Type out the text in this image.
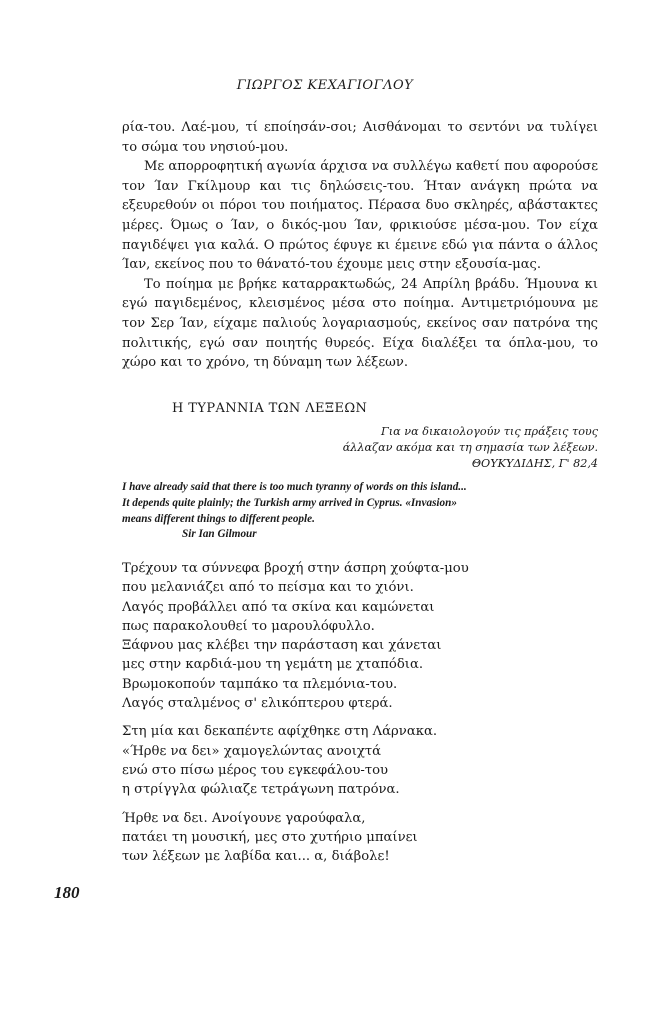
ΓΙΩΡΓΟΣ ΚΕΧΑΓΙΟΓΛΟΥ

ρία-του. Λαέ-μου, τί εποίησάν-σοι; Αισθάνομαι το σεντόνι να τυλίγει το σώμα του νησιού-μου.

Με απορροφητική αγωνία άρχισα να συλλέγω καθετί που αφορούσε τον Ίαν Γκίλμουρ και τις δηλώσεις-του. Ήταν ανάγκη πρώτα να εξευρεθούν οι πόροι του ποιήματος. Πέρασα δυο σκληρές, αβάστακτες μέρες. Όμως ο Ίαν, ο δικός-μου Ίαν, φρικιούσε μέσα-μου. Τον είχα παγιδέψει για καλά. Ο πρώτος έφυγε κι έμεινε εδώ για πάντα ο άλλος Ίαν, εκείνος που το θάνατό-του έχουμε μεις στην εξουσία-μας.

Το ποίημα με βρήκε καταρρακτωδώς, 24 Απρίλη βράδυ. Ήμουνα κι εγώ παγιδεμένος, κλεισμένος μέσα στο ποίημα. Αντιμετριόμουνα με τον Σερ Ίαν, είχαμε παλιούς λογαριασμούς, εκείνος σαν πατρόνα της πολιτικής, εγώ σαν ποιητής θυρεός. Είχα διαλέξει τα όπλα-μου, το χώρο και το χρόνο, τη δύναμη των λέξεων.

Η ΤΥΡΑΝΝΙΑ ΤΩΝ ΛΕΞΕΩΝ
Για να δικαιολογούν τις πράξεις τους
άλλαζαν ακόμα και τη σημασία των λέξεων.
ΘΟΥΚΥΔΙΔΗΣ, Γ' 82,4
I have already said that there is too much tyranny of words on this island...
It depends quite plainly; the Turkish army arrived in Cyprus. «Invasion»
means different things to different people.
Sir Ian Gilmour
Τρέχουν τα σύννεφα βροχή στην άσπρη χούφτα-μου
που μελανιάζει από το πείσμα και το χιόνι.
Λαγός προβάλλει από τα σκίνα και καμώνεται
πως παρακολουθεί το μαρουλόφυλλο.
Ξάφνου μας κλέβει την παράσταση και χάνεται
μες στην καρδιά-μου τη γεμάτη με χταπόδια.
Βρωμοκοπούν ταμπάκο τα πλεμόνια-του.
Λαγός σταλμένος σ' ελικόπτερου φτερά.
Στη μία και δεκαπέντε αφίχθηκε στη Λάρνακα.
«Ήρθε να δει» χαμογελώντας ανοιχτά
ενώ στο πίσω μέρος του εγκεφάλου-του
η στρίγγλα φώλιαζε τετράγωνη πατρόνα.
Ήρθε να δει. Ανοίγουνε γαρούφαλα,
πατάει τη μουσική, μες στο χυτήριο μπαίνει
των λέξεων με λαβίδα και... α, διάβολε!
180
